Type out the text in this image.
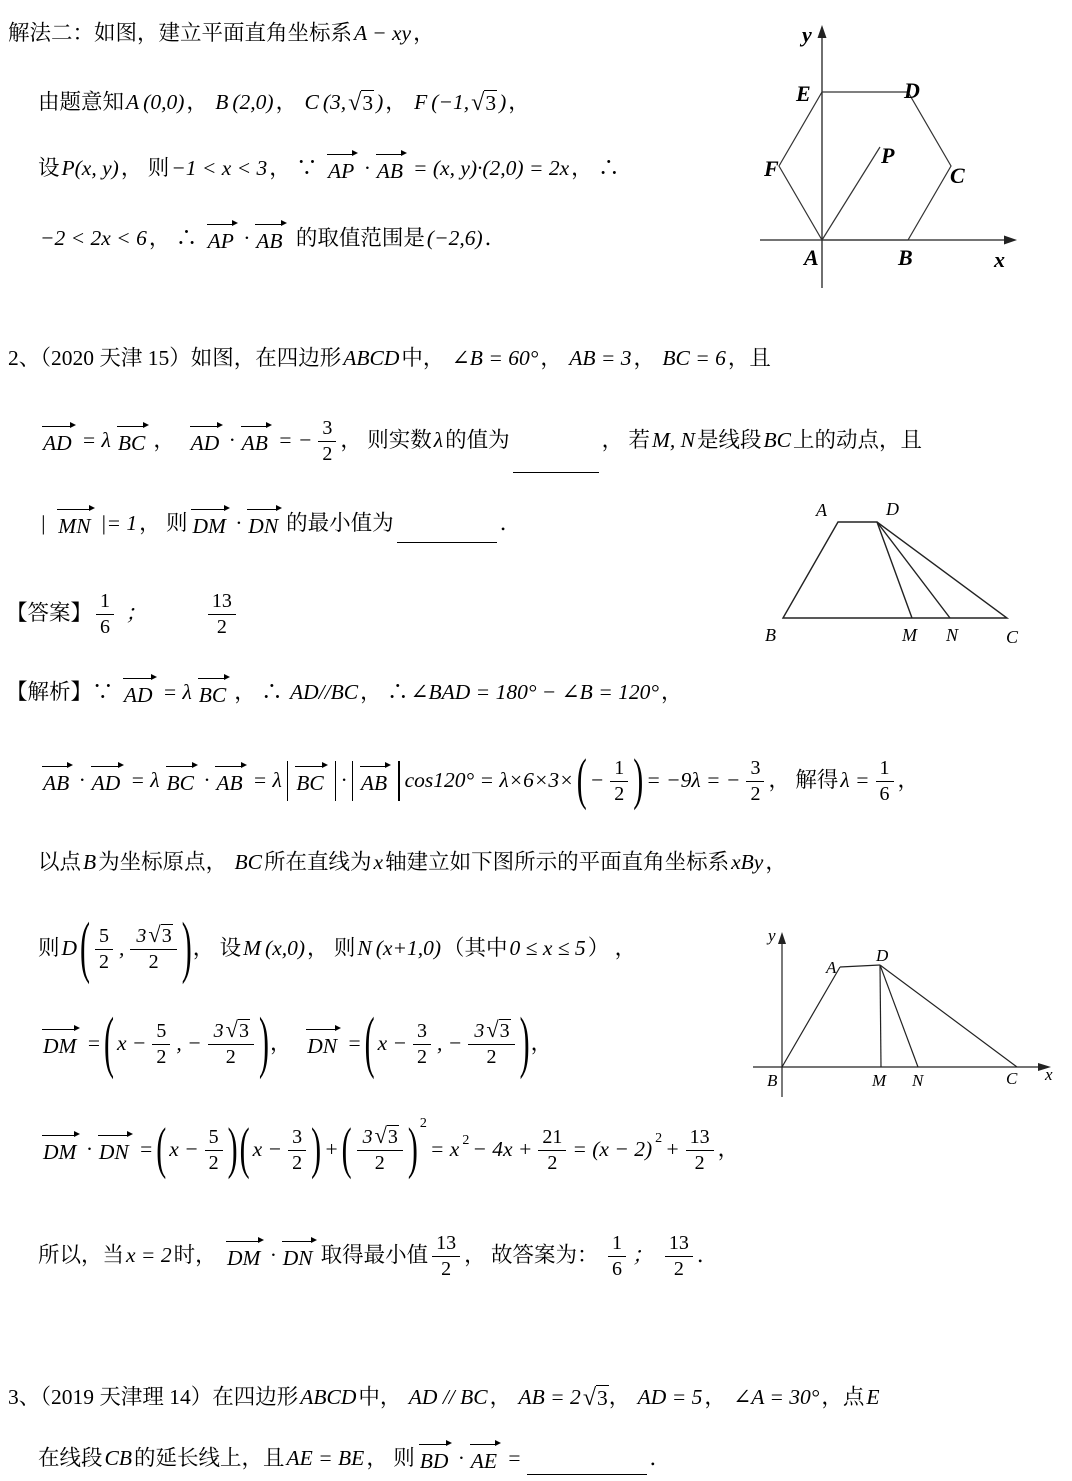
解法二：如图，建立平面直角坐标系 A − xy ，
由题意知 A (0,0) ， B (2,0) ， C (3, √ 3 ) ， F (−1, √ 3 ) ，
设 P(x, y) ， 则 −1 < x < 3 ， ∵ AP · AB = (x, y)·(2,0) = 2x ， ∴
−2 < 2x < 6 ， ∴ AP · AB 的取值范围是 (−2,6) ．
2、（2020 天津 15）如图，在四边形 ABCD 中， ∠B = 60° ， AB = 3 ， BC = 6 ，且
AD = λ BC ， AD · AB = − $\frac{3}{2}$ ， 则实数 λ 的值为	， 若 M, N 是线段 BC 上的动点，且
| MN |= 1 ， 则 DM · DN 的最小值为	．
【答案】 $\frac{1}{6}$ ；	$\frac{13}{2}$
【解析】∵ AD = λ BC ， ∴ AD//BC ， ∴ ∠BAD = 180° − ∠B = 120° ，
AB · AD = λ BC · AB = λ BC · AB cos120° = λ×6×3× ( − $\frac{1}{2}$ ) = −9λ = − $\frac{3}{2}$ ， 解得 $\lambda = \frac{1}{6}$ ，
以点 B 为坐标原点， BC 所在直线为 x 轴建立如下图所示的平面直角坐标系 xBy ，
则 D ( $\frac{5}{2}$ , $\frac{3 √ 3}{2}$ ) ， 设 M (x,0) ， 则 N (x+1,0) （其中 0 ≤ x ≤ 5 ） ，
DM = ( $x - \frac{5}{2}$ , − $\frac{3 √ 3}{2}$ ) ， DN = ( $x - \frac{3}{2}$ , − $\frac{3 √ 3}{2}$ ) ，
DM · DN = ( $x - \frac{5}{2}$ ) ( $x - \frac{3}{2}$ ) + ( $\frac{3 √ 3}{2}$ ) 2
= x $2 - 4x + \frac{21}{2} = (x - 2) 2 + \frac{13}{2}$ ，
所以，当 x = 2 时， DM · DN 取得最小值 $\frac{13}{2}$ ， 故答案为： $\frac{1}{6}$ ； $\frac{13}{2}$ ．
3、（2019 天津理 14）在四边形 ABCD 中， AD // BC ， AB = 2 √ 3 ， AD = 5 ， ∠A = 30° ，点 E
在线段 CB 的延长线上，且 AE = BE ， 则 BD · AE =	．
y
E	D
F
P
C
A	B	x
A	D
B	M N	C
y
A
D
B	M N	C x
